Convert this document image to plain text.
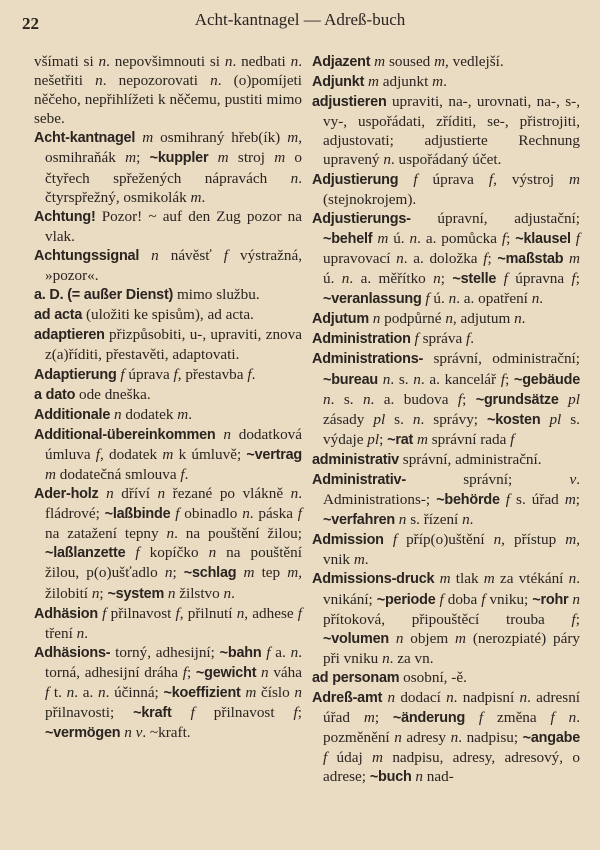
22	Acht-kantnagel — Adreß-buch

všímati si n. nepovšimnouti si n. nedbati n. nešetřiti n. nepozorovati n. (o)pomíjeti něčeho, nepřihlížeti k něčemu, pustiti mimo sebe.

Acht-kantnagel m osmihraný hřeb(ík) m, osmihraňák m; ~kuppler m stroj m o čtyřech spřežených nápravách n. čtyrspřežný, osmikolák m.

Achtung! Pozor! ~ auf den Zug pozor na vlak.

Achtungssignal n návěsť f výstražná, »pozor«.

a. D. (= außer Dienst) mimo službu.

ad acta (uložiti ke spisům), ad acta.

adaptieren přizpůsobiti, u-, upraviti, znova z(a)říditi, přestavěti, adaptovati.

Adaptierung f úprava f, přestavba f.

a dato ode dneška.

Additionale n dodatek m.

Additional-übereinkommen n dodatková úmluva f, dodatek m k úmluvě; ~vertrag m dodatečná smlouva f.

Ader-holz n dříví n řezané po vlákně n. fládrové; ~laßbinde f obinadlo n. páska f na zatažení tepny n. na pouštění žilou; ~laßlanzette f kopíčko n na pouštění žilou, p(o)ušťadlo n; ~schlag m tep m, žilobití n; ~system n žilstvo n.

Adhäsion f přilnavost f, přilnutí n, adhese f tření n.

Adhäsions- torný, adhesijní; ~bahn f a. n. torná, adhesijní dráha f; ~gewicht n váha f t. n. a. n. účinná; ~koeffizient m číslo n přilnavosti; ~kraft f přilnavost f; ~vermögen n v. ~kraft.

Adjazent m soused m, vedlejší.

Adjunkt m adjunkt m.

adjustieren upraviti, na-, urovnati, na-, s-, vy-, uspořádati, zříditi, se-, přistrojiti, adjustovati; adjustierte Rechnung upravený n. uspořádaný účet.

Adjustierung f úprava f, výstroj m (stejnokrojem).

Adjustierungs- úpravní, adjustační; ~behelf m ú. n. a. pomůcka f; ~klausel f upravovací n. a. doložka f; ~maßstab m ú. n. a. měřítko n; ~stelle f úpravna f; ~veranlassung f ú. n. a. opatření n.

Adjutum n podpůrné n, adjutum n.

Administration f správa f.

Administrations- správní, odministrační; ~bureau n. s. n. a. kancelář f; ~gebäude n. s. n. a. budova f; ~grundsätze pl zásady pl s. n. správy; ~kosten pl s. výdaje pl; ~rat m správní rada f

administrativ správní, administrační.

Administrativ- správní; v. Administrations-; ~behörde f s. úřad m; ~verfahren n s. řízení n.

Admission f příp(o)uštění n, přístup m, vnik m.

Admissions-druck m tlak m za vtékání n. vnikání; ~periode f doba f vniku; ~rohr n přítoková, připouštěcí trouba f; ~volumen n objem m (nerozpiaté) páry při vniku n. za vn.

ad personam osobní, -ě.

Adreß-amt n dodací n. nadpisní n. adresní úřad m; ~änderung f změna f n. pozměnění n adresy n. nadpisu; ~angabe f údaj m nadpisu, adresy, adresový, o adrese; ~buch n nad-
